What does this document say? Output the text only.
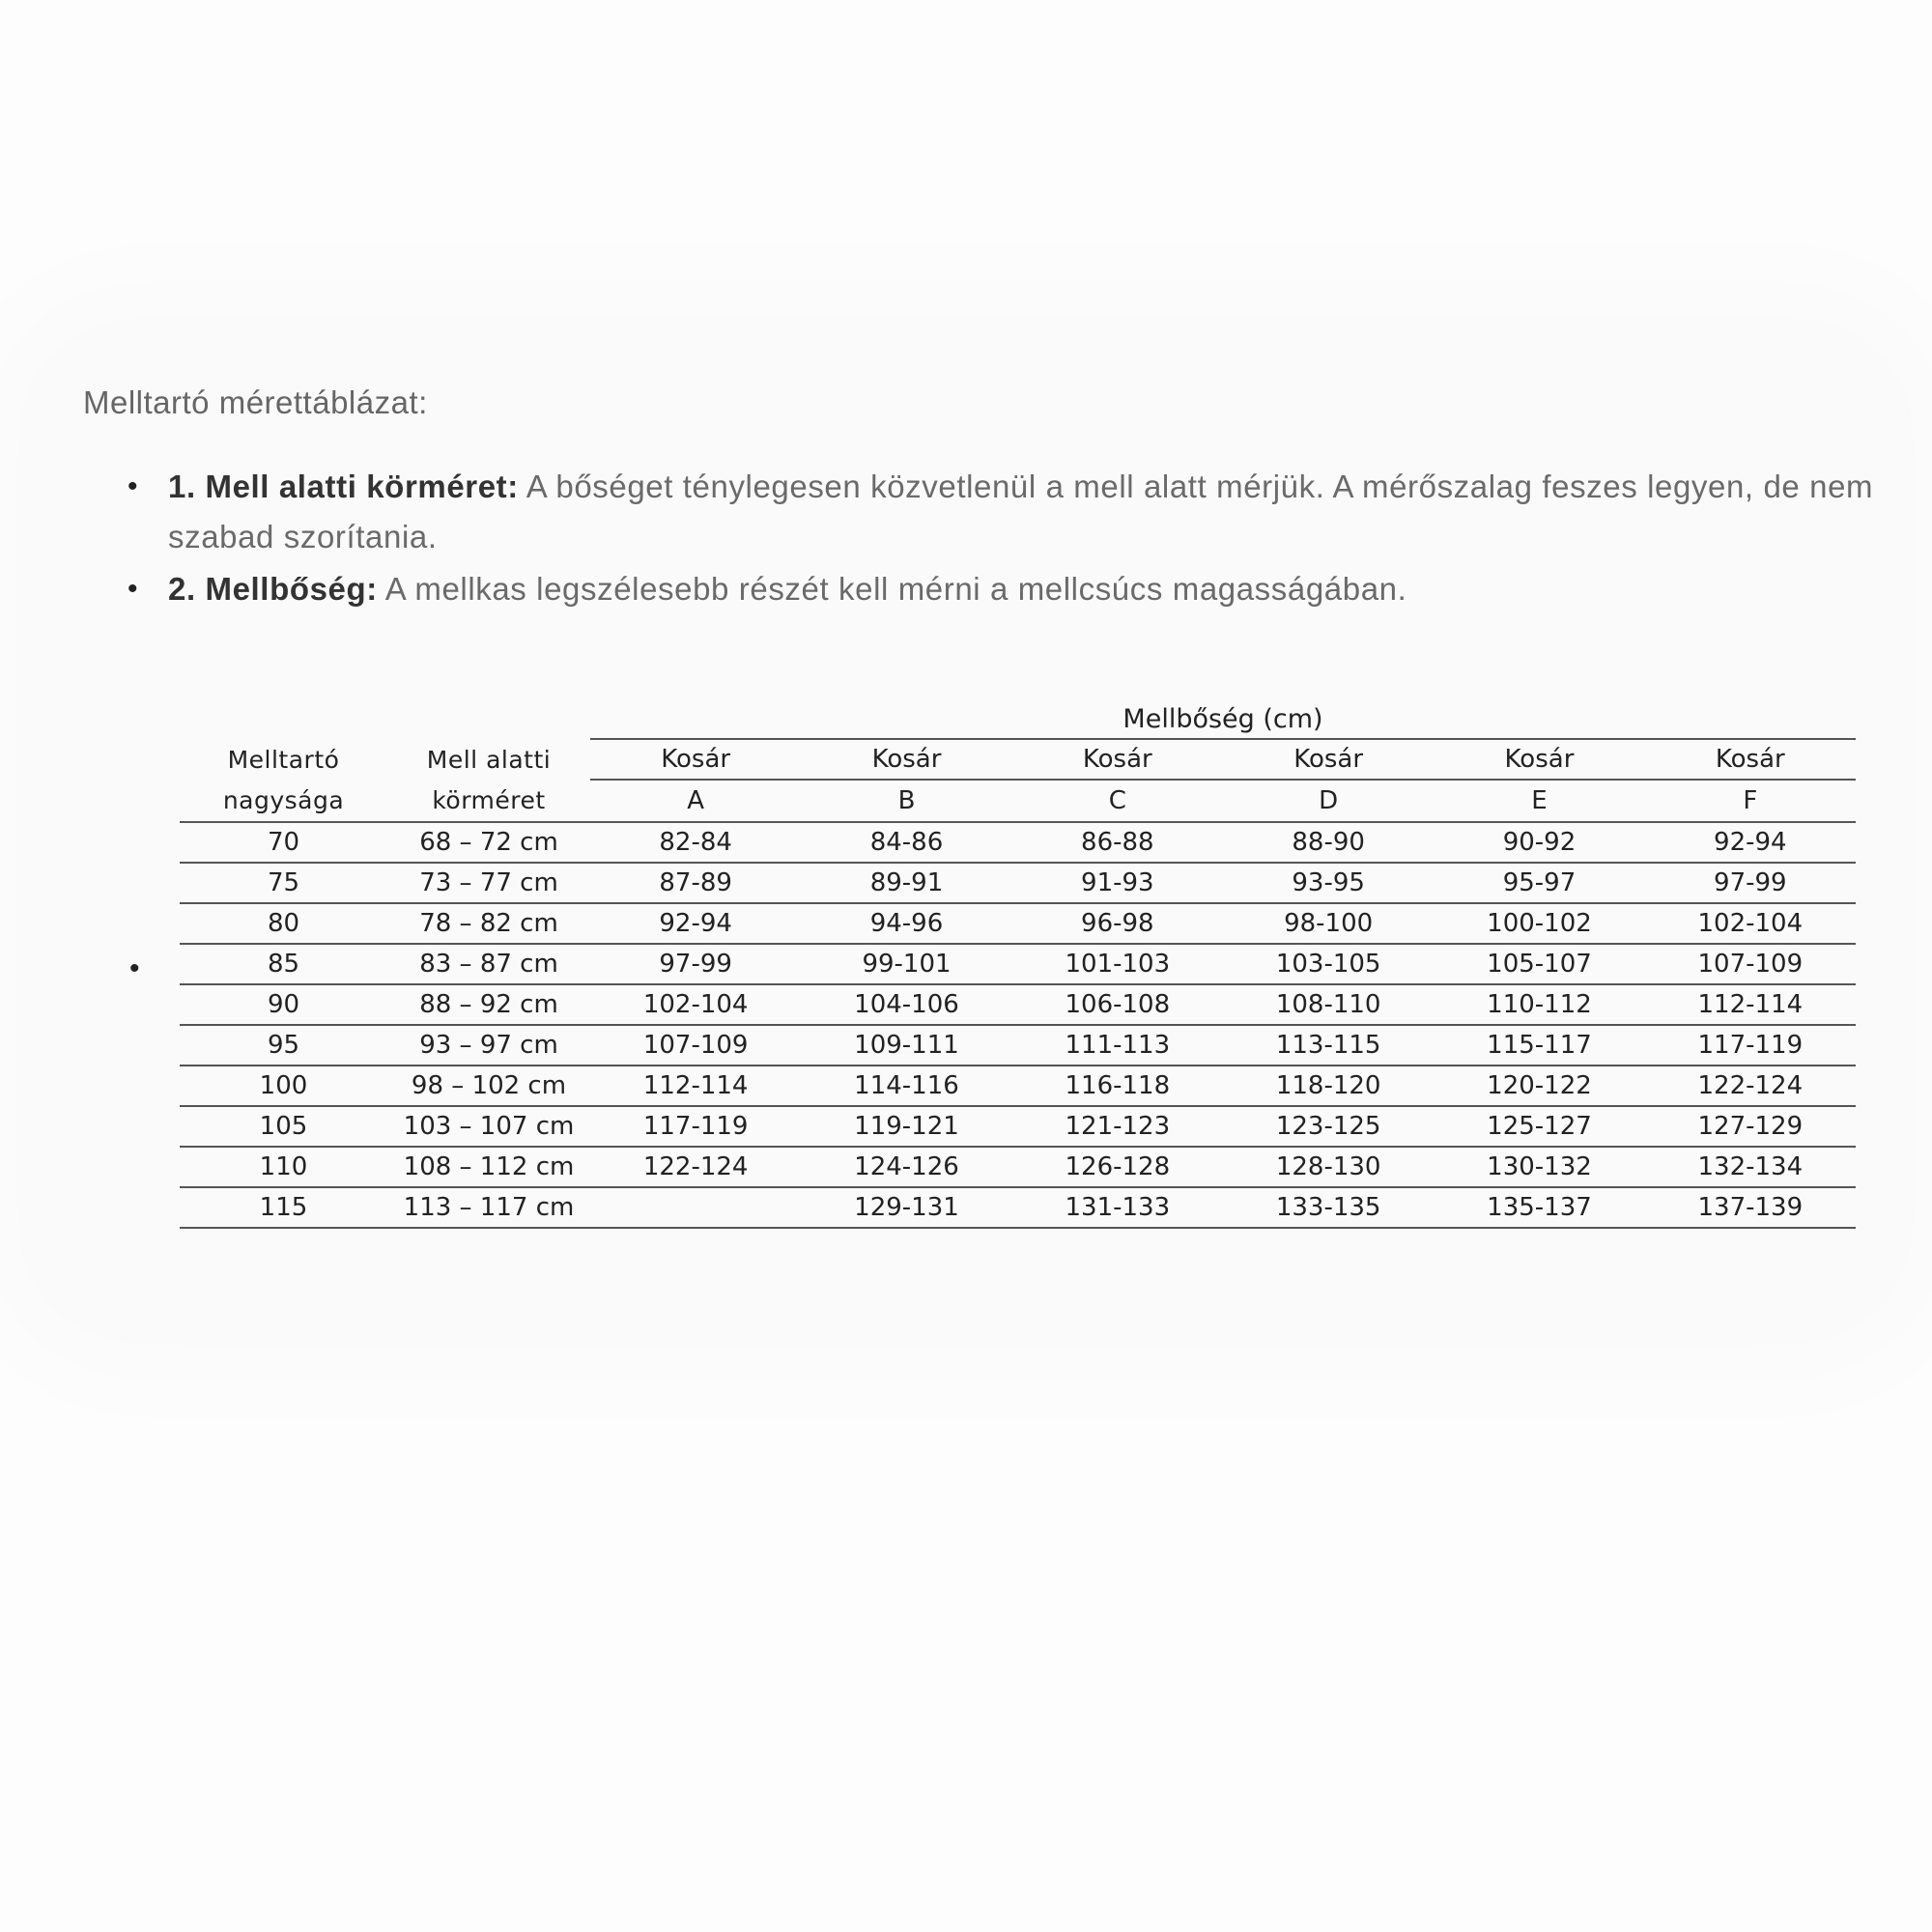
Melltartó mérettáblázat:
• 1. Mell alatti körméret: A bőséget ténylegesen közvetlenül a mell alatt mérjük. A mérőszalag feszes legyen, de nem szabad szorítania.
• 2. Mellbőség: A mellkas legszélesebb részét kell mérni a mellcsúcs magasságában.
•
		Mellbőség (cm)					
Melltartó	Mell alatti	Kosár	Kosár	Kosár	Kosár	Kosár	Kosár
nagysága	körméret	A	B	C	D	E	F
70	68 – 72 cm	82-84	84-86	86-88	88-90	90-92	92-94
75	73 – 77 cm	87-89	89-91	91-93	93-95	95-97	97-99
80	78 – 82 cm	92-94	94-96	96-98	98-100	100-102	102-104
85	83 – 87 cm	97-99	99-101	101-103	103-105	105-107	107-109
90	88 – 92 cm	102-104	104-106	106-108	108-110	110-112	112-114
95	93 – 97 cm	107-109	109-111	111-113	113-115	115-117	117-119
100	98 – 102 cm	112-114	114-116	116-118	118-120	120-122	122-124
105	103 – 107 cm	117-119	119-121	121-123	123-125	125-127	127-129
110	108 – 112 cm	122-124	124-126	126-128	128-130	130-132	132-134
115	113 – 117 cm		129-131	131-133	133-135	135-137	137-139
